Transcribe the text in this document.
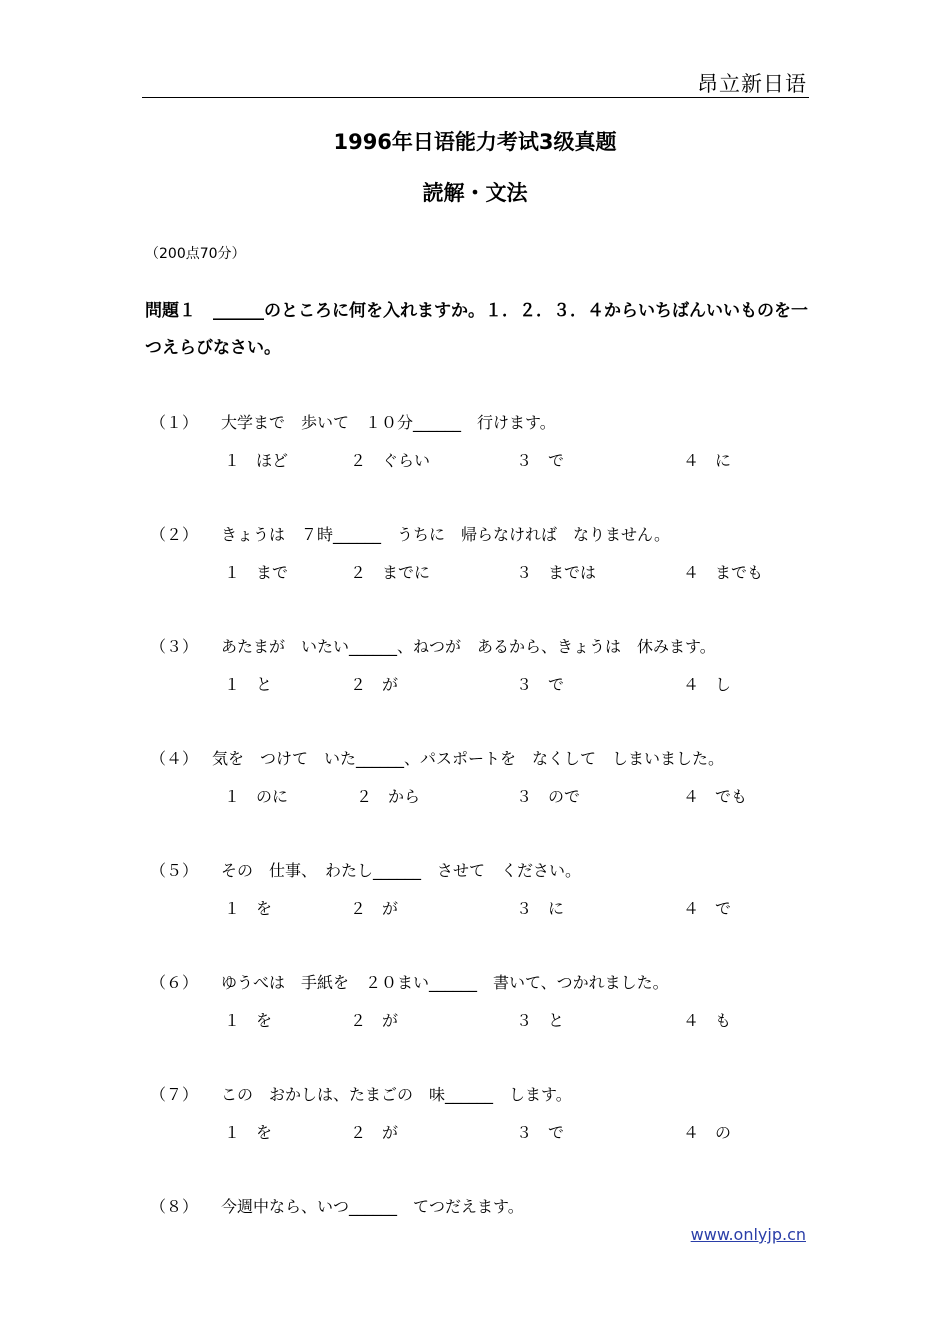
昂立新日语
1996年日语能力考试3级真题
読解・文法
（200点70分）
問題１　______のところに何を入れますか。１．２．３．４からいちばんいいものを一つえらびなさい。
（１） 大学まで　歩いて　１０分______　行けます。
１　ほど	２　ぐらい	３　で	４　に
（２） きょうは　７時______　うちに　帰らなければ　なりません。
１　まで	２　までに	３　までは	４　までも
（３） あたまが　いたい______、ねつが　あるから、きょうは　休みます。
１　と	２　が	３　で	４　し
（４） 気を　つけて　いた______、パスポートを　なくして　しまいました。
１　のに	２　から	３　ので	４　でも
（５） その　仕事、　わたし______　させて　ください。
１　を	２　が	３　に	４　で
（６） ゆうべは　手紙を　２０まい______　書いて、つかれました。
１　を	２　が	３　と	４　も
（７） この　おかしは、たまごの　味______　します。
１　を	２　が	３　で	４　の
（８） 今週中なら、いつ______　てつだえます。
www.onlyjp.cn
